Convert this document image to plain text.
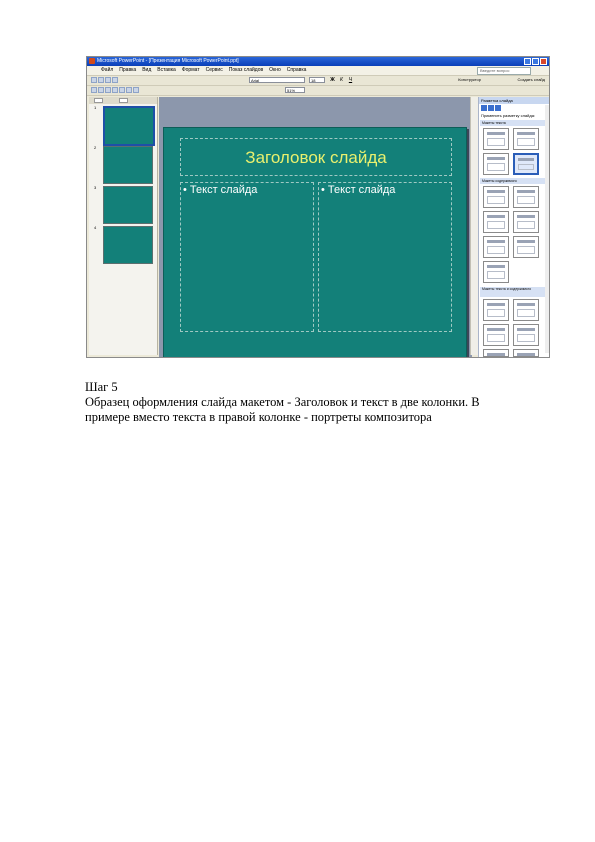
Microsoft PowerPoint - [Презентация Microsoft PowerPoint.ppt]
Файл Правка Вид Вставка Формат Сервис Показ слайдов Окно Справка	Введите вопрос
Arial	18	Ж	К	Ч	Конструктор	Создать слайд
51%
1
2
3
4
Заголовок слайда
• Текст слайда	• Текст слайда
Разметка слайда
Применить разметку слайда:
Макеты текста
Макеты содержимого
Макеты текста и содержимого
Шаг 5
Образец оформления слайда макетом - Заголовок и текст в две колонки. В
примере вместо текста в правой колонке - портреты композитора
